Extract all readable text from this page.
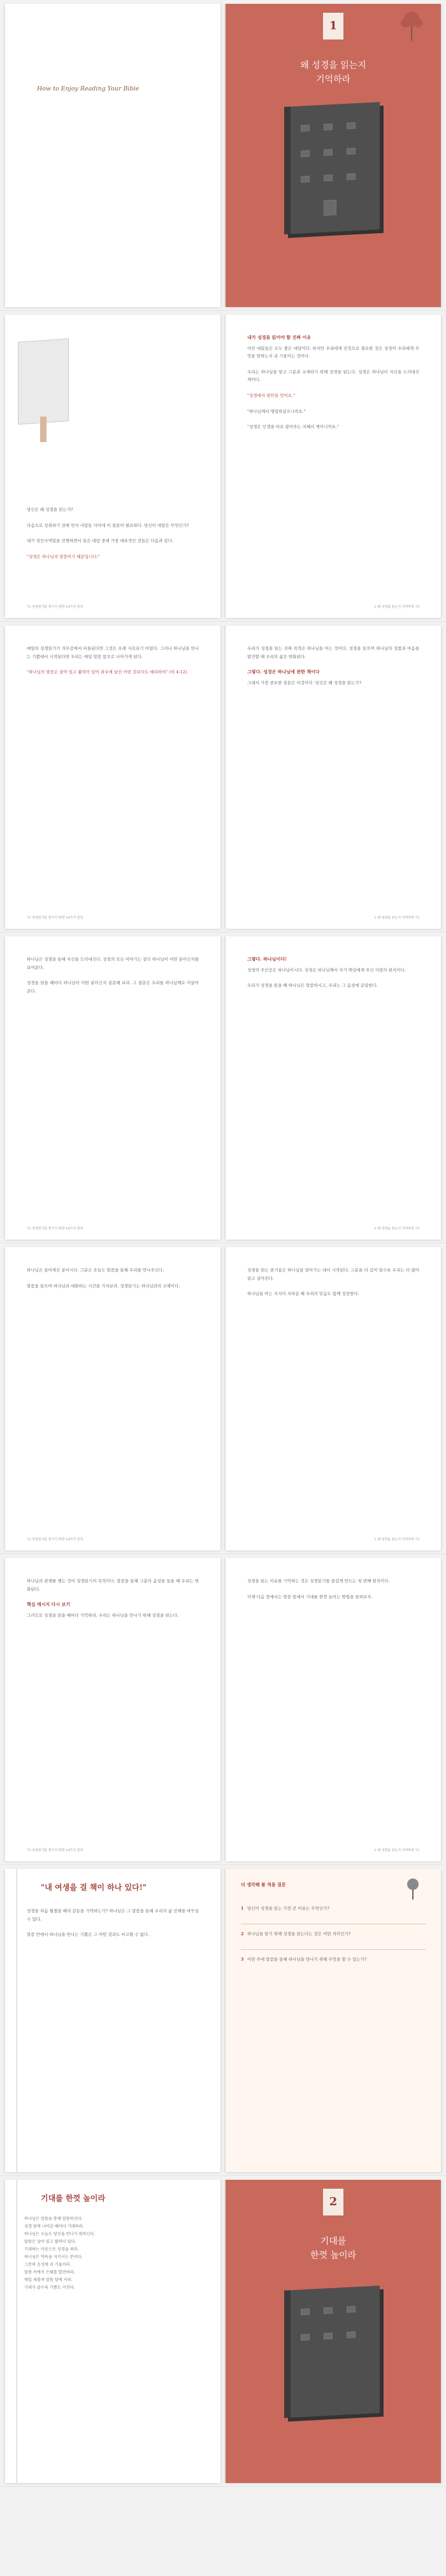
How to Enjoy Reading Your Bible
1
왜 성경을 읽는지
기억하라

당신은 왜 성경을 읽는가?

다음으로 성취하기 전에 먼저 사람들 사이에 이 질문이 필요하다. 당신이 대답은 무엇인가?

내가 성인사역팀을 진행하면서 들은 대답 중에 가장 대표적인 것들은 다음과 같다.

"성경은 하나님의 말씀이기 때문입니다."

72 성경읽기를 즐기기 위한 10가지 원칙
내가 성경을 읽어야 할 진짜 이유

이런 대답들은 모두 좋은 대답이다. 하지만 우리에게 진정으로 필요한 것은 성경이 우리에게 무엇을 말하는지 귀 기울이는 것이다.

우리는 하나님을 알고 그분과 교제하기 위해 성경을 읽는다. 성경은 하나님이 자신을 드러내신 책이다.

"성경에서 평안을 얻어요."

"하나님께서 명령하셨으니까요."

"성경은 인생을 바로 잡아주는 지혜의 책이니까요."

1 왜 성경을 읽는지 기억하라 73

매일의 성경읽기가 의무감에서 비롯된다면 그것은 오래 지속되기 어렵다. 그러나 하나님을 만나는 기쁨에서 시작된다면 우리는 매일 말씀 앞으로 나아가게 된다.

"하나님의 말씀은 살아 있고 활력이 있어 좌우에 날선 어떤 검보다도 예리하여" (히 4:12)

72 성경읽기를 즐기기 위한 10가지 원칙

우리가 성경을 읽는 진짜 목적은 하나님을 아는 것이다. 성경을 읽으며 하나님의 성품과 마음을 발견할 때 우리의 삶은 변화된다.

그렇다. 성경은 하나님에 관한 책이다

그래서 가장 중요한 질문은 이것이다. 당신은 왜 성경을 읽는가?

1 왜 성경을 읽는지 기억하라 73

하나님은 성경을 통해 자신을 드러내신다. 성경의 모든 이야기는 결국 하나님이 어떤 분이신지를 보여준다.

성경을 읽을 때마다 하나님이 어떤 분이신지 질문해 보라. 그 질문은 우리를 하나님께로 이끌어 준다.

72 성경읽기를 즐기기 위한 10가지 원칙
그렇다. 하나님이다!

성경의 주인공은 하나님이시다. 성경은 하나님께서 자기 백성에게 주신 사랑의 편지이다.

우리가 성경을 읽을 때 하나님은 말씀하시고, 우리는 그 음성에 응답한다.

1 왜 성경을 읽는지 기억하라 73

하나님은 살아계신 분이시다. 그분은 오늘도 말씀을 통해 우리를 만나주신다.

말씀을 읽으며 하나님과 대화하는 시간을 가져보라. 성경읽기는 하나님과의 교제이다.

72 성경읽기를 즐기기 위한 10가지 원칙

성경을 읽는 즐거움은 하나님을 알아가는 데서 시작된다. 그분을 더 깊이 알수록 우리는 더 많이 읽고 싶어진다.

하나님을 아는 지식이 자라갈 때 우리의 믿음도 함께 성장한다.

1 왜 성경을 읽는지 기억하라 73

하나님과 관계를 맺는 것이 성경읽기의 목적이다. 말씀을 통해 그분의 음성을 들을 때 우리는 변화된다.

핵심 메시지 다시 보기

그러므로 성경을 읽을 때마다 기억하라. 우리는 하나님을 만나기 위해 성경을 읽는다.

72 성경읽기를 즐기기 위한 10가지 원칙

성경을 읽는 이유를 기억하는 것은 성경읽기를 즐겁게 만드는 첫 번째 원칙이다.

이제 다음 장에서는 말씀 앞에서 기대를 한껏 높이는 방법을 살펴보자.

1 왜 성경을 읽는지 기억하라 73
"내 여생을 걸 책이 하나 있다!"

성경을 처음 펼쳤을 때의 감동을 기억하는가? 하나님은 그 말씀을 통해 우리의 삶 전체를 바꾸실 수 있다.

말씀 안에서 하나님을 만나는 기쁨은 그 어떤 것과도 비교할 수 없다.

더 생각해 볼 적용 질문
1 당신이 성경을 읽는 가장 큰 이유는 무엇인가?
2 하나님을 알기 위해 성경을 읽는다는 것은 어떤 의미인가?
3 이번 주에 말씀을 통해 하나님을 만나기 위해 무엇을 할 수 있는가?
기대를 한껏 높이라
하나님은 말씀을 통해 말씀하신다.
성경 앞에 나아갈 때마다 기대하라.
하나님은 오늘도 당신을 만나기 원하신다.
말씀은 살아 있고 활력이 있다.
기대하는 마음으로 성경을 펴라.
하나님은 약속을 지키시는 분이다.
그분의 음성에 귀 기울이라.
말씀 속에서 은혜를 발견하라.
매일 새롭게 말씀 앞에 서라.
기대가 클수록 기쁨도 커진다.
2
기대를
한껏 높이라
